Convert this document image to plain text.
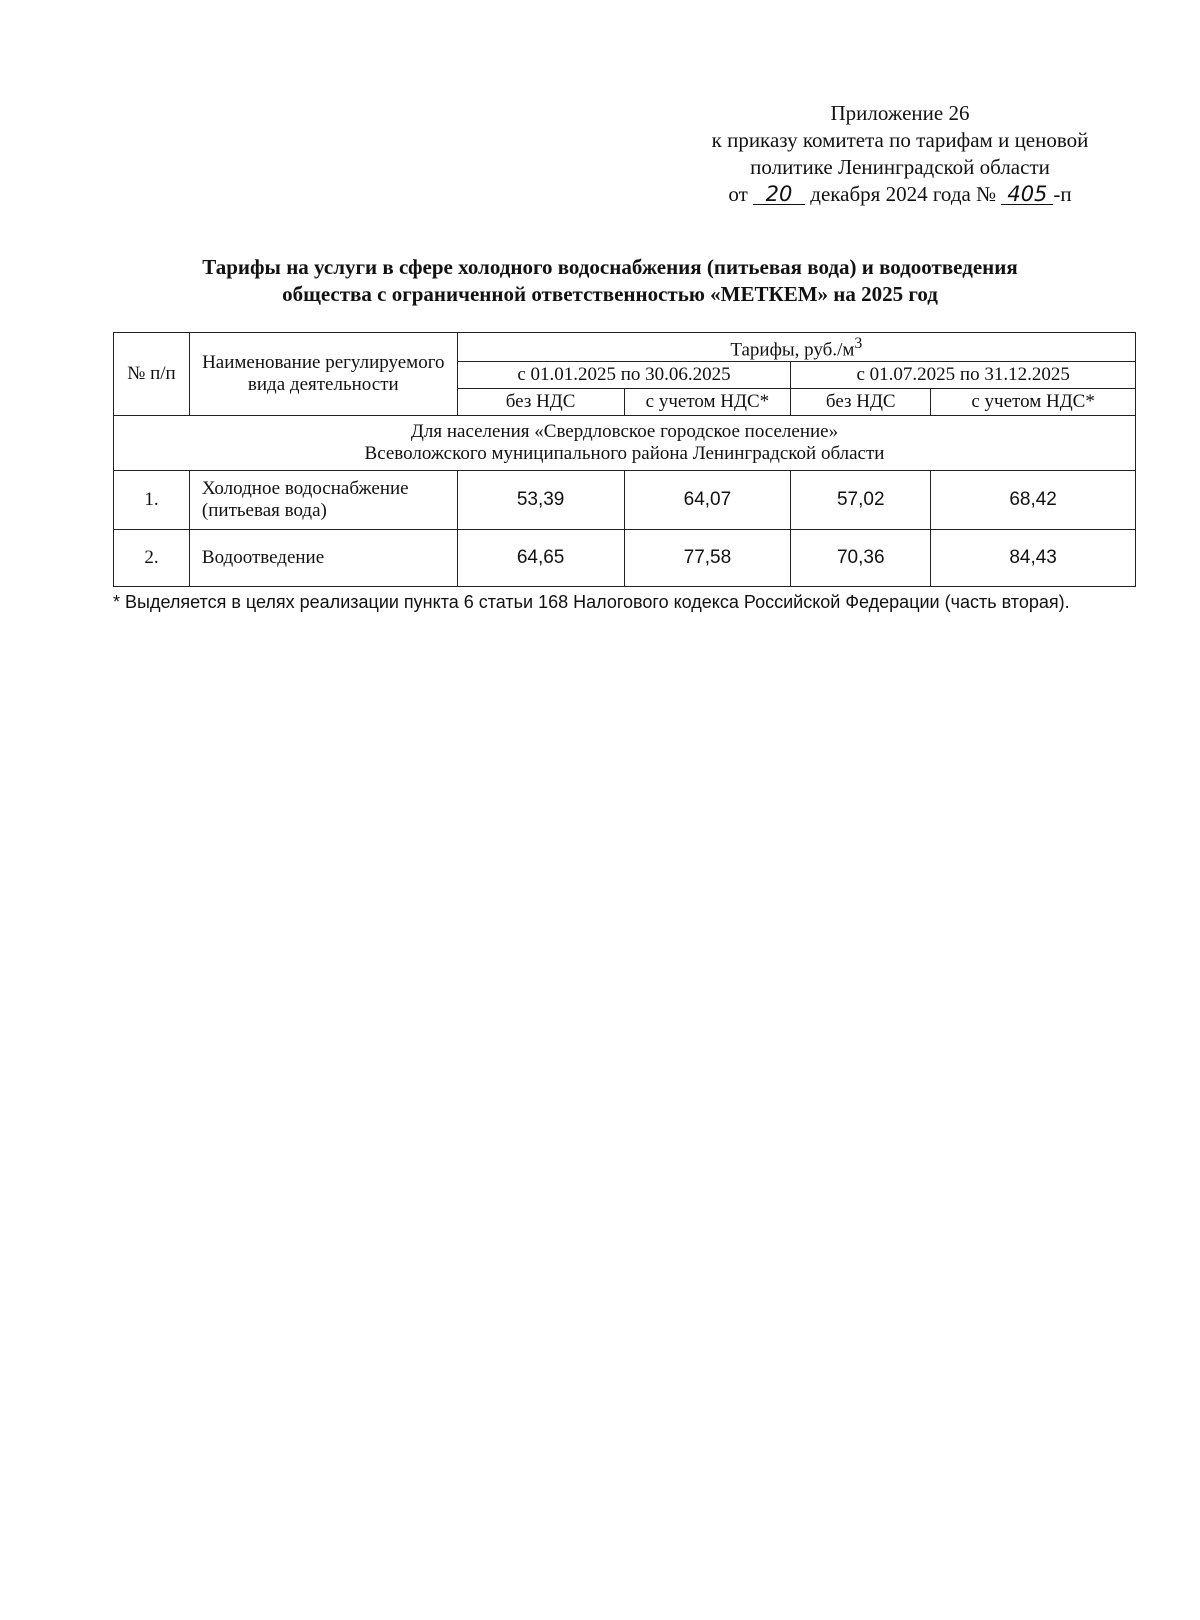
Приложение 26
к приказу комитета по тарифам и ценовой
политике Ленинградской области
от 20 декабря 2024 года № 405 -п
Тарифы на услуги в сфере холодного водоснабжения (питьевая вода) и водоотведения
общества с ограниченной ответственностью «МЕТКЕМ» на 2025 год
№ п/п	Наименование регулируемого вида деятельности	Тарифы, $руб./м^3$
		с 01.01.2025 по 30.06.2025		с 01.07.2025 по 31.12.2025	
		без НДС	с учетом НДС*	без НДС	с учетом НДС*

Для населения «Свердловское городское поселение»
Всеволожского муниципального района Ленинградской области					

1.	Холодное водоснабжение (питьевая вода)	53,39	64,07	57,02	68,42
2.	Водоотведение	64,65	77,58	70,36	84,43
* Выделяется в целях реализации пункта 6 статьи 168 Налогового кодекса Российской Федерации (часть вторая).
